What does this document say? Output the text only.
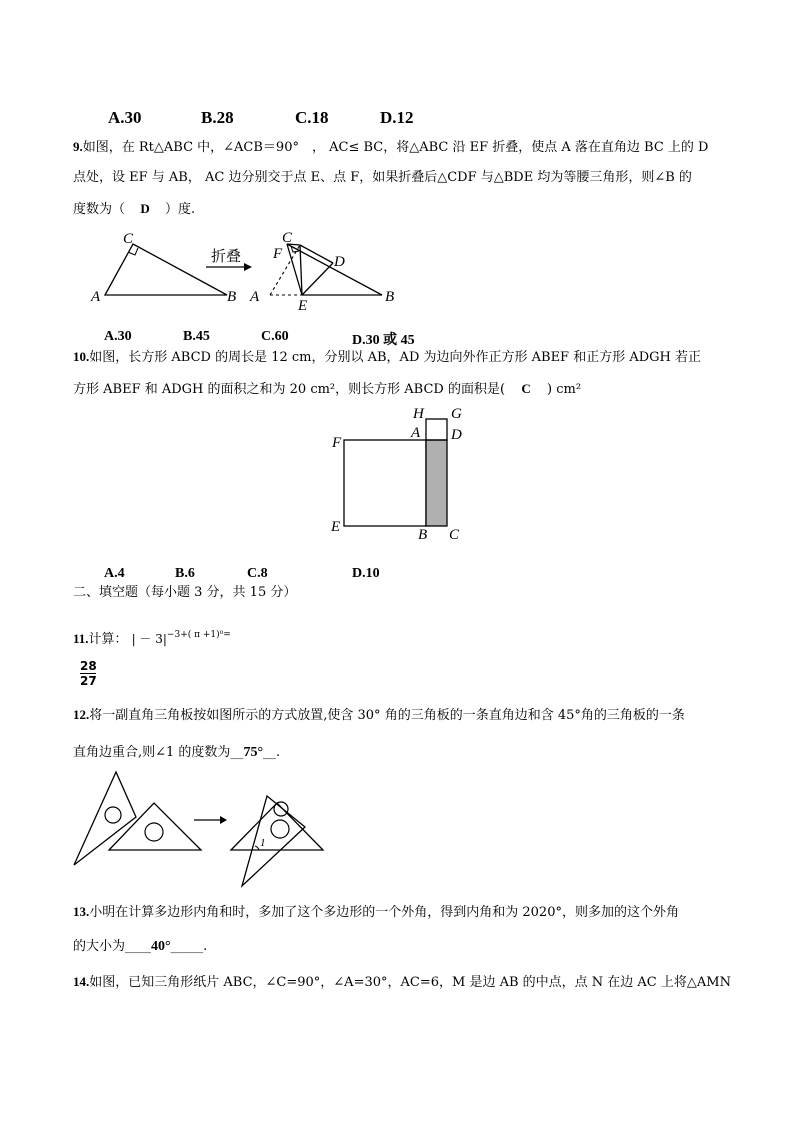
A.30	B.28	C.18	D.12
9.如图，在 Rt△ABC 中，∠ACB＝90°　， AC≤ BC，将△ABC 沿 EF 折叠，使点 A 落在直角边 BC 上的 D
点处，设 EF 与 AB， AC 边分别交于点 E、点 F，如果折叠后△CDF 与△BDE 均为等腰三角形，则∠B 的
度数为（ D ）度.
C
A	B
折叠
C
F	D
A
E
B
A.30	B.45	C.60	D.30 或 45
10.如图，长方形 ABCD 的周长是 12 cm，分别以 AB，AD 为边向外作正方形 ABEF 和正方形 ADGH 若正
方形 ABEF 和 ADGH 的面积之和为 20 cm²，则长方形 ABCD 的面积是( C ) cm²
H G
A D
F
E	B C
A.4	B.6	C.8	D.10
二、填空题（每小题 3 分，共 15 分）
11.计算： | － $3|^{-3+( \pi +1)^0=}$
$\frac{28}{27}$
12.将一副直角三角板按如图所示的方式放置,使含 30° 角的三角板的一条直角边和含 45°角的三角板的一条
直角边重合,则∠1 的度数为__75°__.
1
13.小明在计算多边形内角和时，多加了这个多边形的一个外角，得到内角和为 2020°，则多加的这个外角
的大小为____40°_____.
14.如图，已知三角形纸片 ABC，∠C=90°，∠A=30°，AC=6，M 是边 AB 的中点，点 N 在边 AC 上将△AMN
